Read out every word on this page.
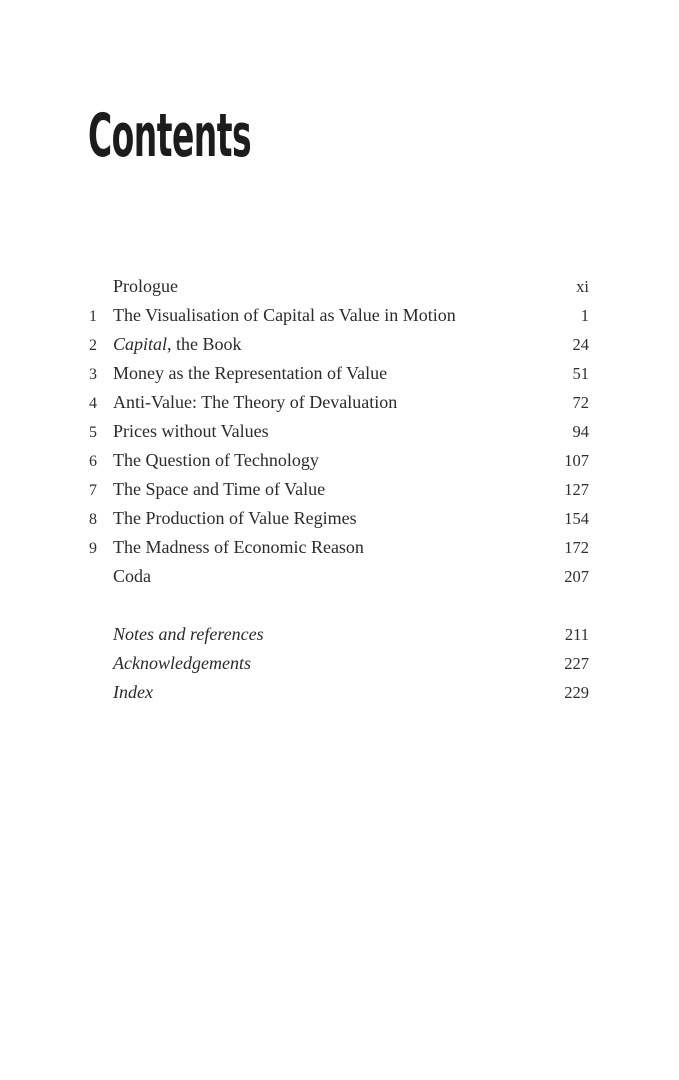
Contents
Prologue	xi
1 The Visualisation of Capital as Value in Motion	1
2 Capital, the Book	24
3 Money as the Representation of Value	51
4 Anti-Value: The Theory of Devaluation	72
5 Prices without Values	94
6 The Question of Technology	107
7 The Space and Time of Value	127
8 The Production of Value Regimes	154
9 The Madness of Economic Reason	172
Coda	207
Notes and references	211
Acknowledgements	227
Index	229
